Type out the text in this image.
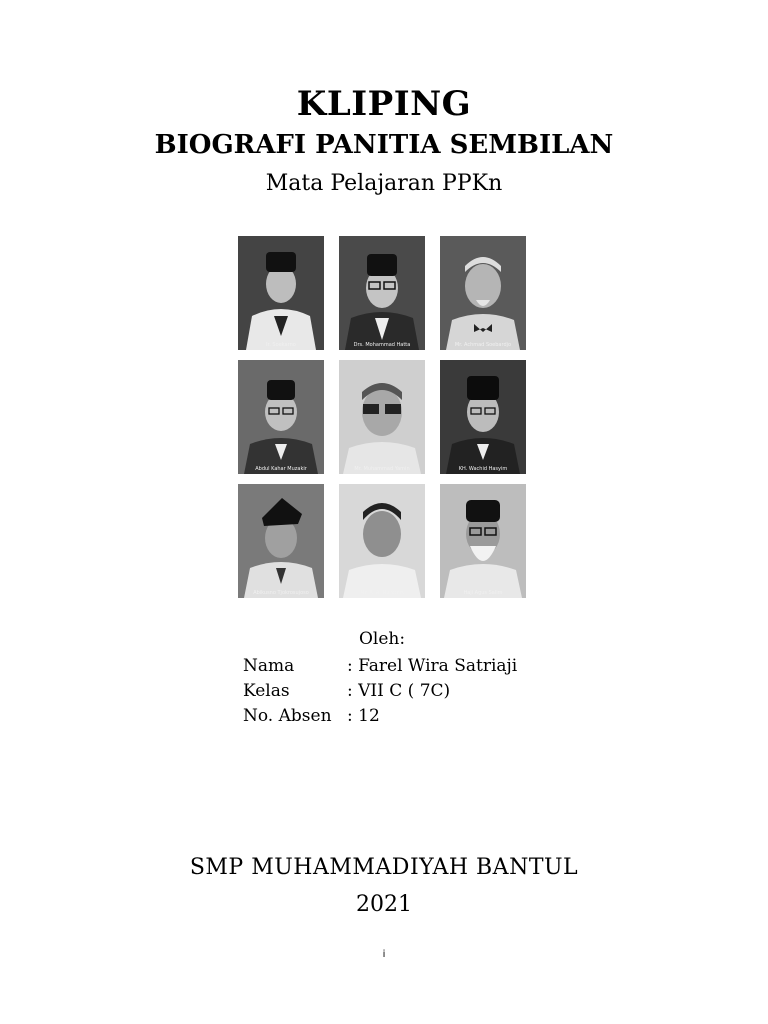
KLIPING
BIOGRAFI PANITIA SEMBILAN
Mata Pelajaran PPKn
Ir. Soekarno	Drs. Mohammad Hatta	Mr. Achmad Soebardjo
Abdul Kahar Muzakir	Mr. Muhammad Yamin	KH. Wachid Hasyim
Abikusno Tjokrosujoso	Mr. A. A. Maramis	Haji Agus Salim
Oleh:
Nama	: Farel Wira Satriaji
Kelas	: VII C ( 7C)
No. Absen : 12
SMP MUHAMMADIYAH BANTUL
2021
i
